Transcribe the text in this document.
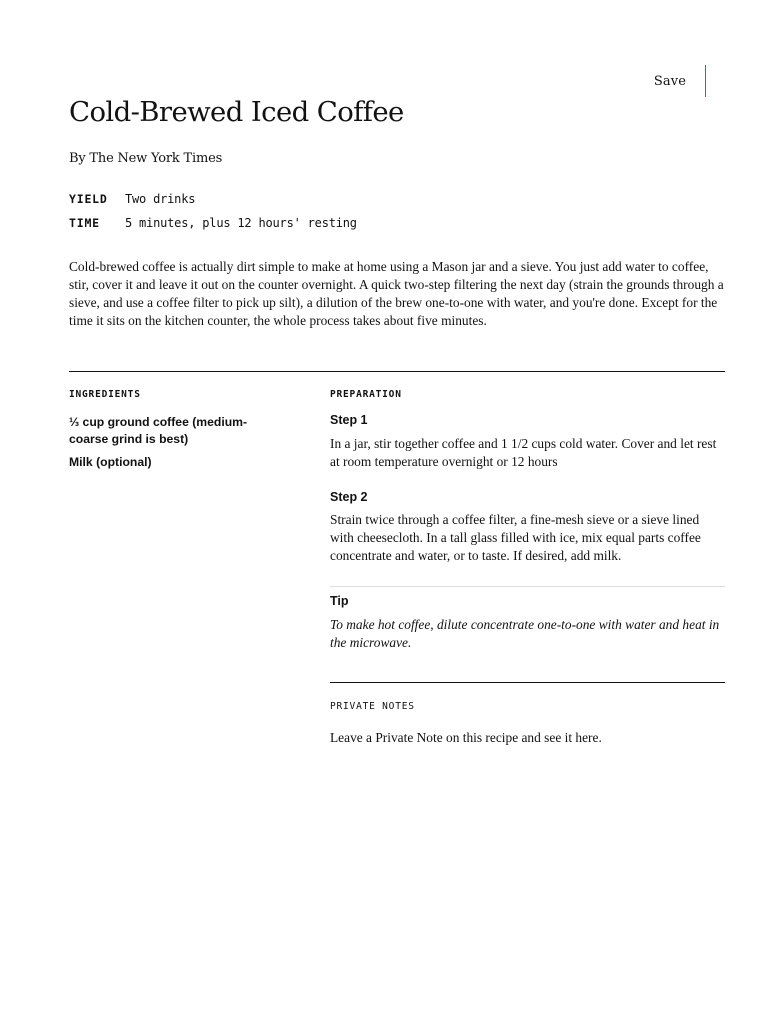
Save
Cold-Brewed Iced Coffee
By The New York Times
YIELD	Two drinks
TIME	5 minutes, plus 12 hours' resting

Cold-brewed coffee is actually dirt simple to make at home using a Mason jar and a sieve. You just add water to coffee, stir, cover it and leave it out on the counter overnight. A quick two-step filtering the next day (strain the grounds through a sieve, and use a coffee filter to pick up silt), a dilution of the brew one-to-one with water, and you're done. Except for the time it sits on the kitchen counter, the whole process takes about five minutes.

INGREDIENTS
⅓ cup ground coffee (medium-coarse grind is best)
Milk (optional)
PREPARATION
Step 1

In a jar, stir together coffee and 1 1/2 cups cold water. Cover and let rest at room temperature overnight or 12 hours

Step 2

Strain twice through a coffee filter, a fine-mesh sieve or a sieve lined with cheesecloth. In a tall glass filled with ice, mix equal parts coffee concentrate and water, or to taste. If desired, add milk.

Tip

To make hot coffee, dilute concentrate one-to-one with water and heat in the microwave.

PRIVATE NOTES
Leave a Private Note on this recipe and see it here.
